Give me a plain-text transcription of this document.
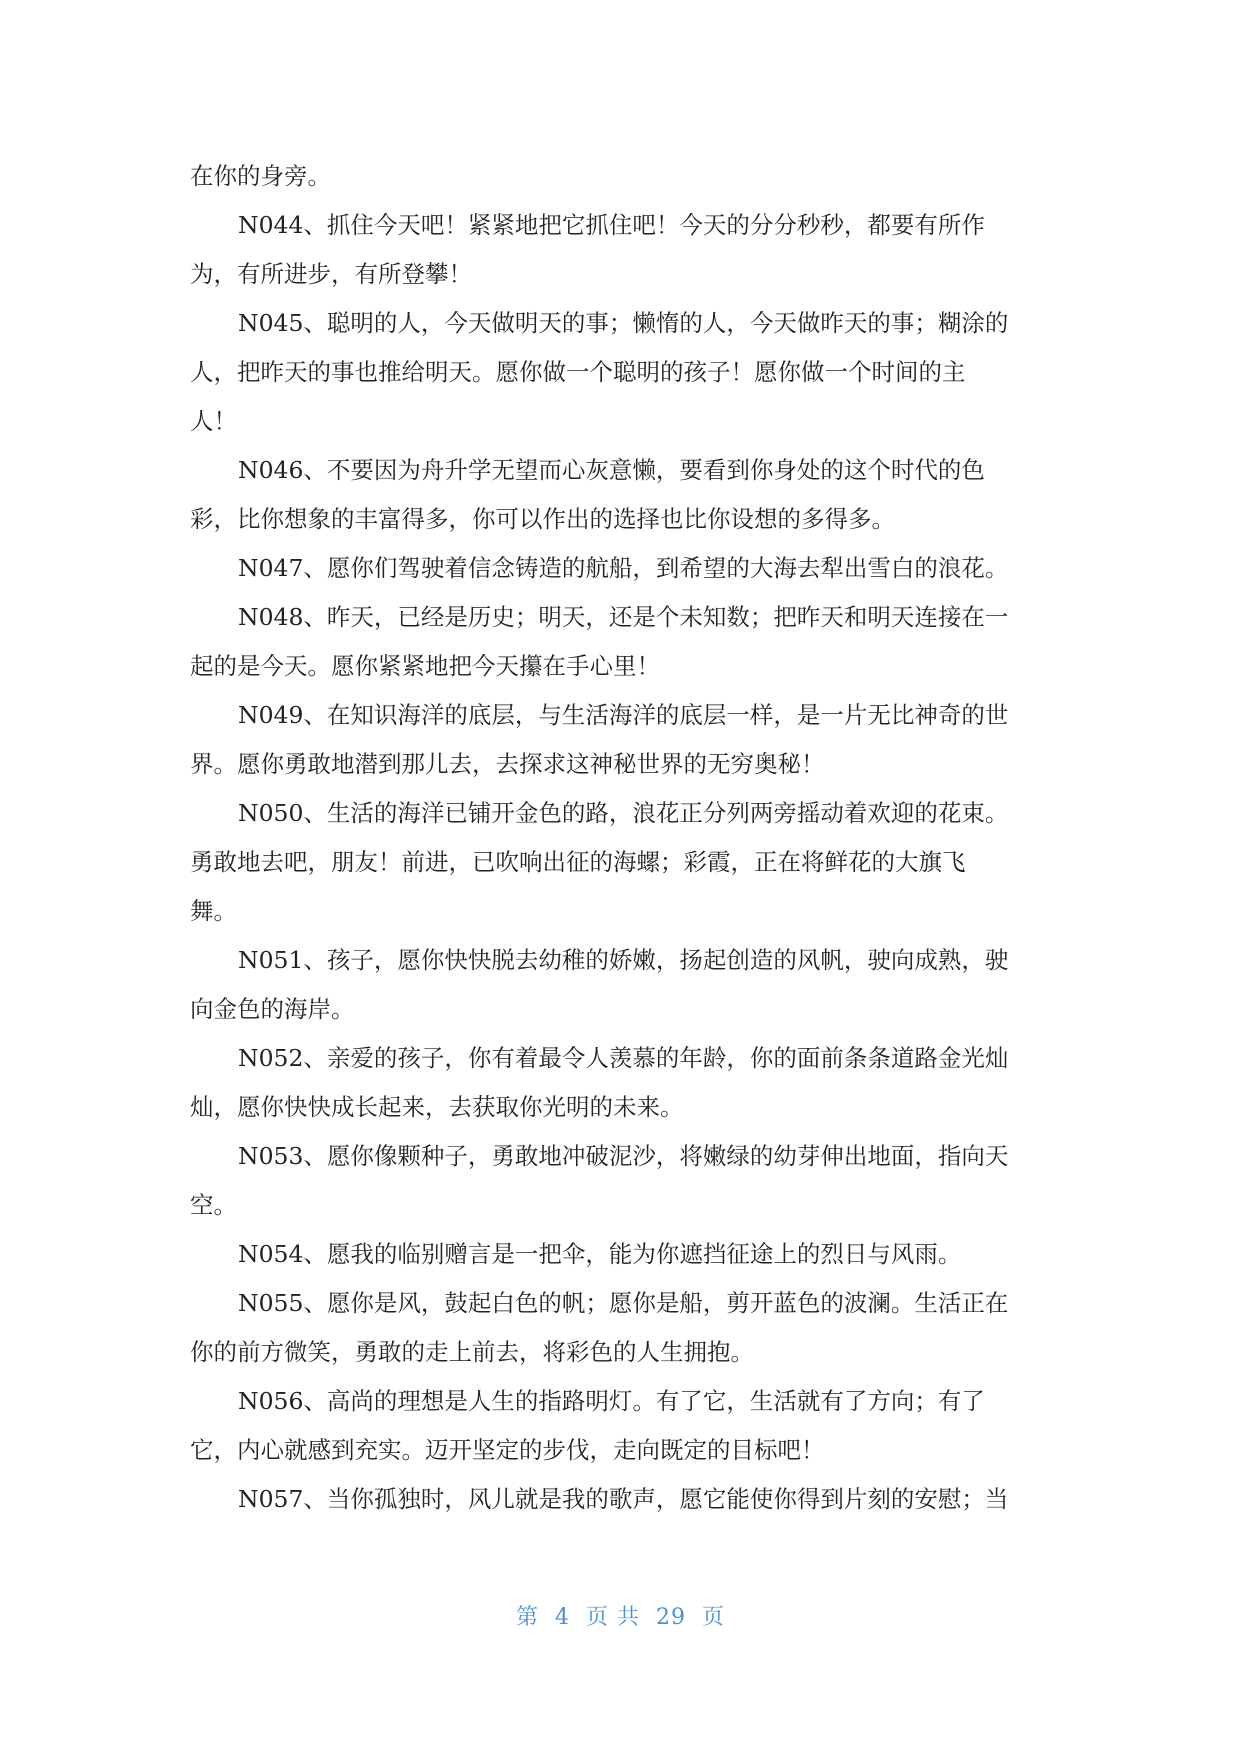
在你的身旁。
N044、抓住今天吧！紧紧地把它抓住吧！今天的分分秒秒，都要有所作
为，有所进步，有所登攀！
N045、聪明的人，今天做明天的事；懒惰的人，今天做昨天的事；糊涂的
人，把昨天的事也推给明天。愿你做一个聪明的孩子！愿你做一个时间的主
人！
N046、不要因为舟升学无望而心灰意懒，要看到你身处的这个时代的色
彩，比你想象的丰富得多，你可以作出的选择也比你设想的多得多。
N047、愿你们驾驶着信念铸造的航船，到希望的大海去犁出雪白的浪花。
N048、昨天，已经是历史；明天，还是个未知数；把昨天和明天连接在一
起的是今天。愿你紧紧地把今天攥在手心里！
N049、在知识海洋的底层，与生活海洋的底层一样，是一片无比神奇的世
界。愿你勇敢地潜到那儿去，去探求这神秘世界的无穷奥秘！
N050、生活的海洋已铺开金色的路，浪花正分列两旁摇动着欢迎的花束。
勇敢地去吧，朋友！前进，已吹响出征的海螺；彩霞，正在将鲜花的大旗飞
舞。
N051、孩子，愿你快快脱去幼稚的娇嫩，扬起创造的风帆，驶向成熟，驶
向金色的海岸。
N052、亲爱的孩子，你有着最令人羡慕的年龄，你的面前条条道路金光灿
灿，愿你快快成长起来，去获取你光明的未来。
N053、愿你像颗种子，勇敢地冲破泥沙，将嫩绿的幼芽伸出地面，指向天
空。
N054、愿我的临别赠言是一把伞，能为你遮挡征途上的烈日与风雨。
N055、愿你是风，鼓起白色的帆；愿你是船，剪开蓝色的波澜。生活正在
你的前方微笑，勇敢的走上前去，将彩色的人生拥抱。
N056、高尚的理想是人生的指路明灯。有了它，生活就有了方向；有了
它，内心就感到充实。迈开坚定的步伐，走向既定的目标吧！
N057、当你孤独时，风儿就是我的歌声，愿它能使你得到片刻的安慰；当
第  4  页 共  29  页
